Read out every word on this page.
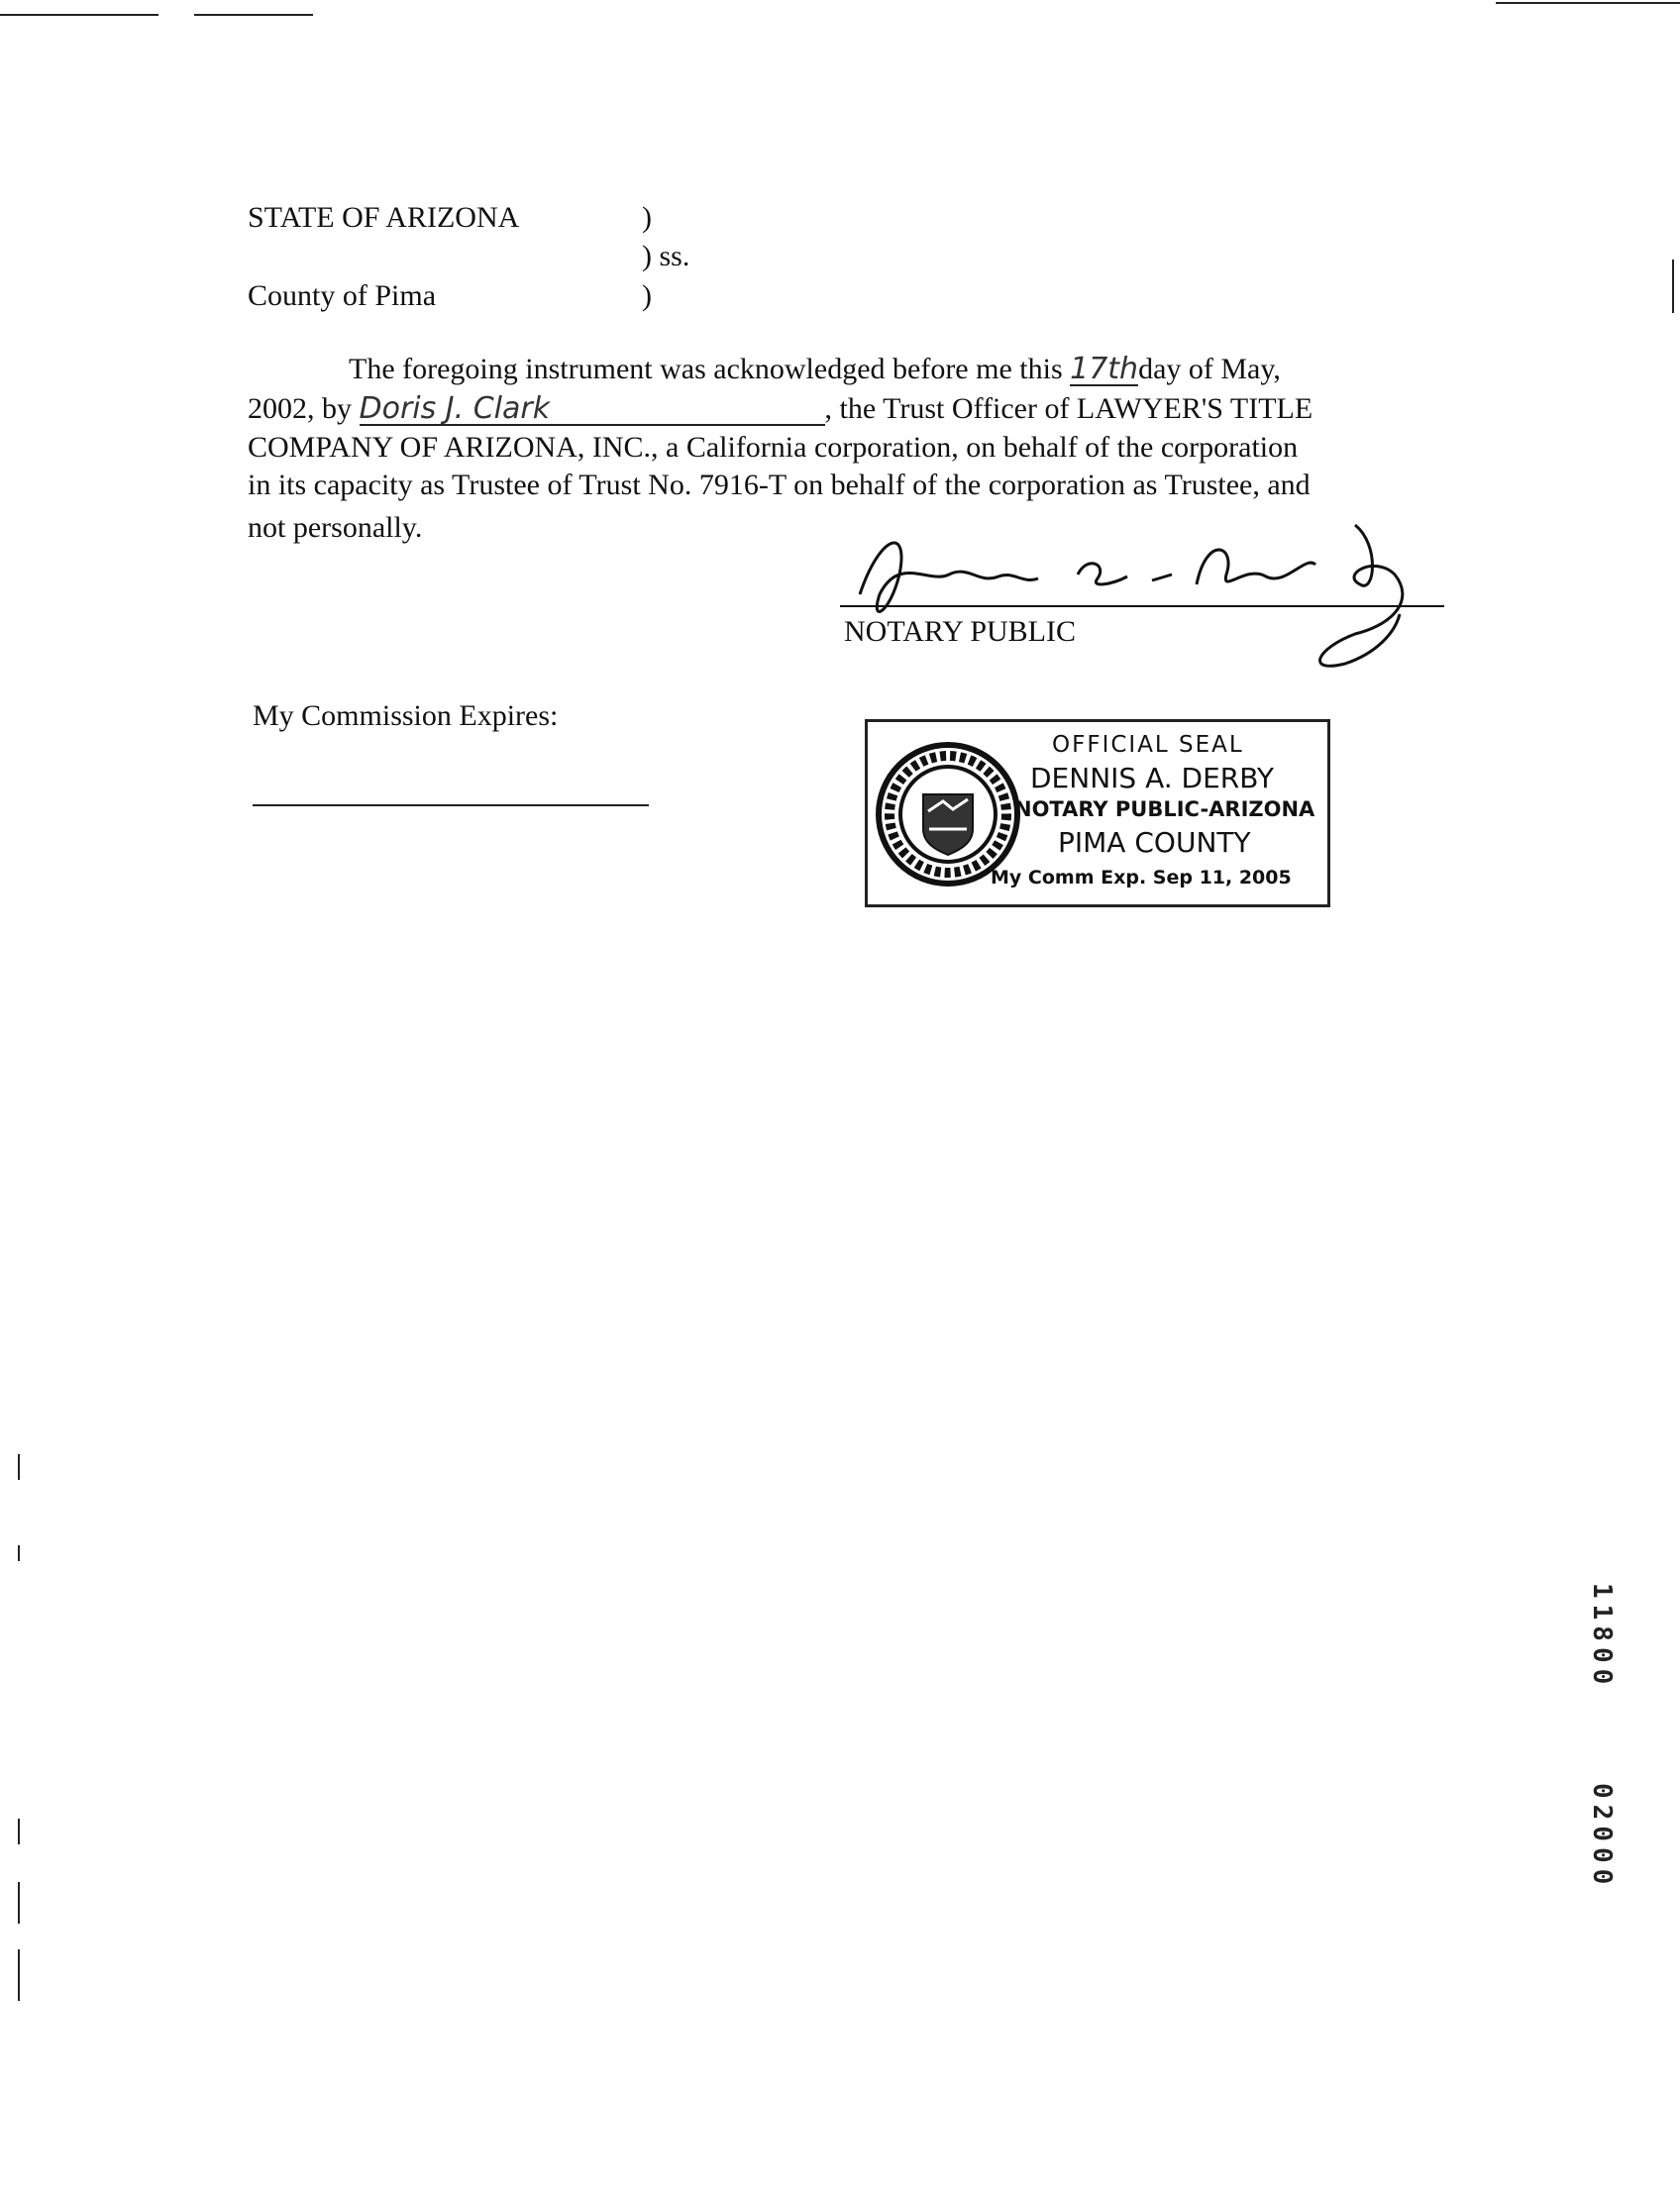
STATE OF ARIZONA	)
) ss.
County of Pima	)
The foregoing instrument was acknowledged before me this 17thday of May,
2002, by Doris J. Clark	, the Trust Officer of LAWYER'S TITLE
COMPANY OF ARIZONA, INC., a California corporation, on behalf of the corporation
in its capacity as Trustee of Trust No. 7916-T on behalf of the corporation as Trustee, and
not personally.
NOTARY PUBLIC
My Commission Expires:
OFFICIAL SEAL
DENNIS A. DERBY
NOTARY PUBLIC-ARIZONA
PIMA COUNTY
My Comm Exp. Sep 11, 2005
11800
02000
